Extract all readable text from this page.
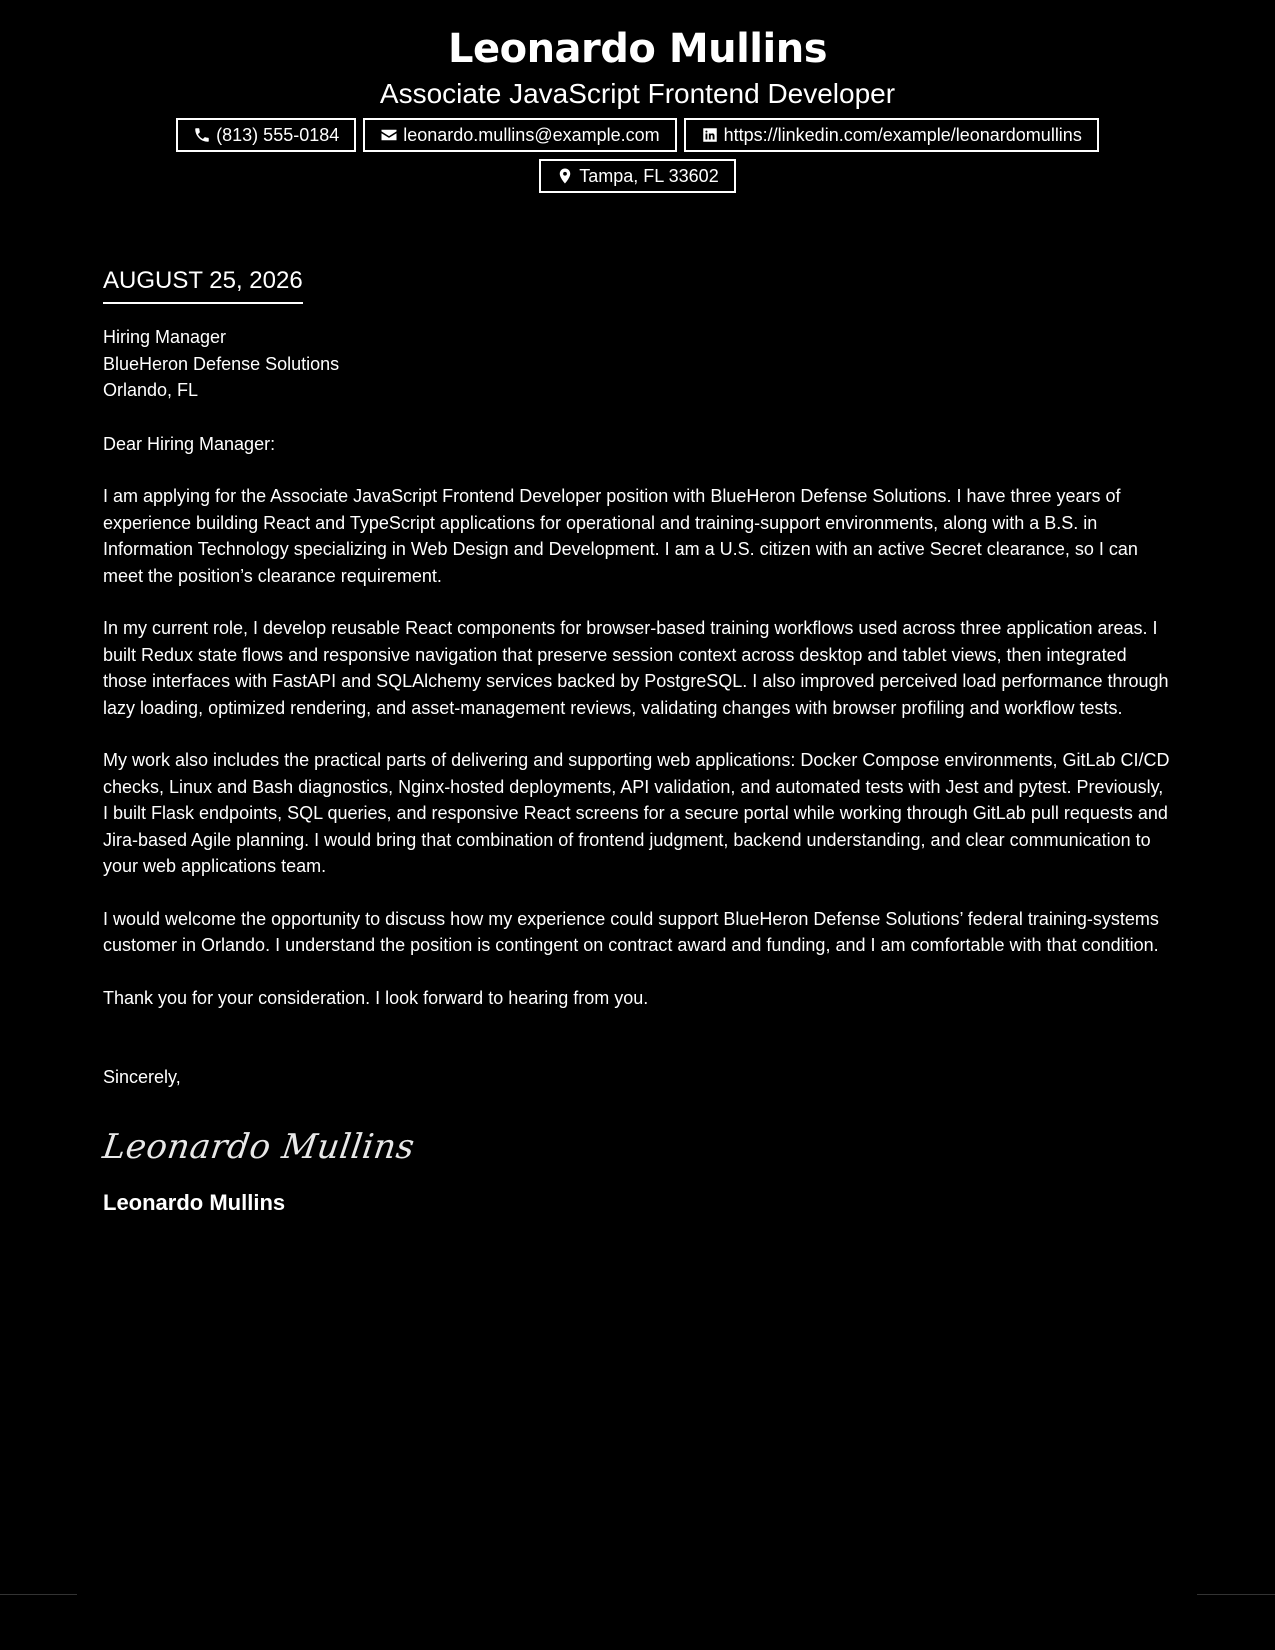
Leonardo Mullins
Associate JavaScript Frontend Developer
(813) 555-0184	leonardo.mullins@example.com	https://linkedin.com/example/leonardomullins
Tampa, FL 33602
AUGUST 25, 2026
Hiring Manager
BlueHeron Defense Solutions
Orlando, FL
Dear Hiring Manager:

I am applying for the Associate JavaScript Frontend Developer position with BlueHeron Defense Solutions. I have three years of experience building React and TypeScript applications for operational and training-support environments, along with a B.S. in Information Technology specializing in Web Design and Development. I am a U.S. citizen with an active Secret clearance, so I can meet the position’s clearance requirement.

In my current role, I develop reusable React components for browser-based training workflows used across three application areas. I built Redux state flows and responsive navigation that preserve session context across desktop and tablet views, then integrated those interfaces with FastAPI and SQLAlchemy services backed by PostgreSQL. I also improved perceived load performance through lazy loading, optimized rendering, and asset-management reviews, validating changes with browser profiling and workflow tests.

My work also includes the practical parts of delivering and supporting web applications: Docker Compose environments, GitLab CI/CD checks, Linux and Bash diagnostics, Nginx-hosted deployments, API validation, and automated tests with Jest and pytest. Previously, I built Flask endpoints, SQL queries, and responsive React screens for a secure portal while working through GitLab pull requests and Jira-based Agile planning. I would bring that combination of frontend judgment, backend understanding, and clear communication to your web applications team.

I would welcome the opportunity to discuss how my experience could support BlueHeron Defense Solutions’ federal training-systems customer in Orlando. I understand the position is contingent on contract award and funding, and I am comfortable with that condition.

Thank you for your consideration. I look forward to hearing from you.

Sincerely,
Leonardo Mullins
Leonardo Mullins
